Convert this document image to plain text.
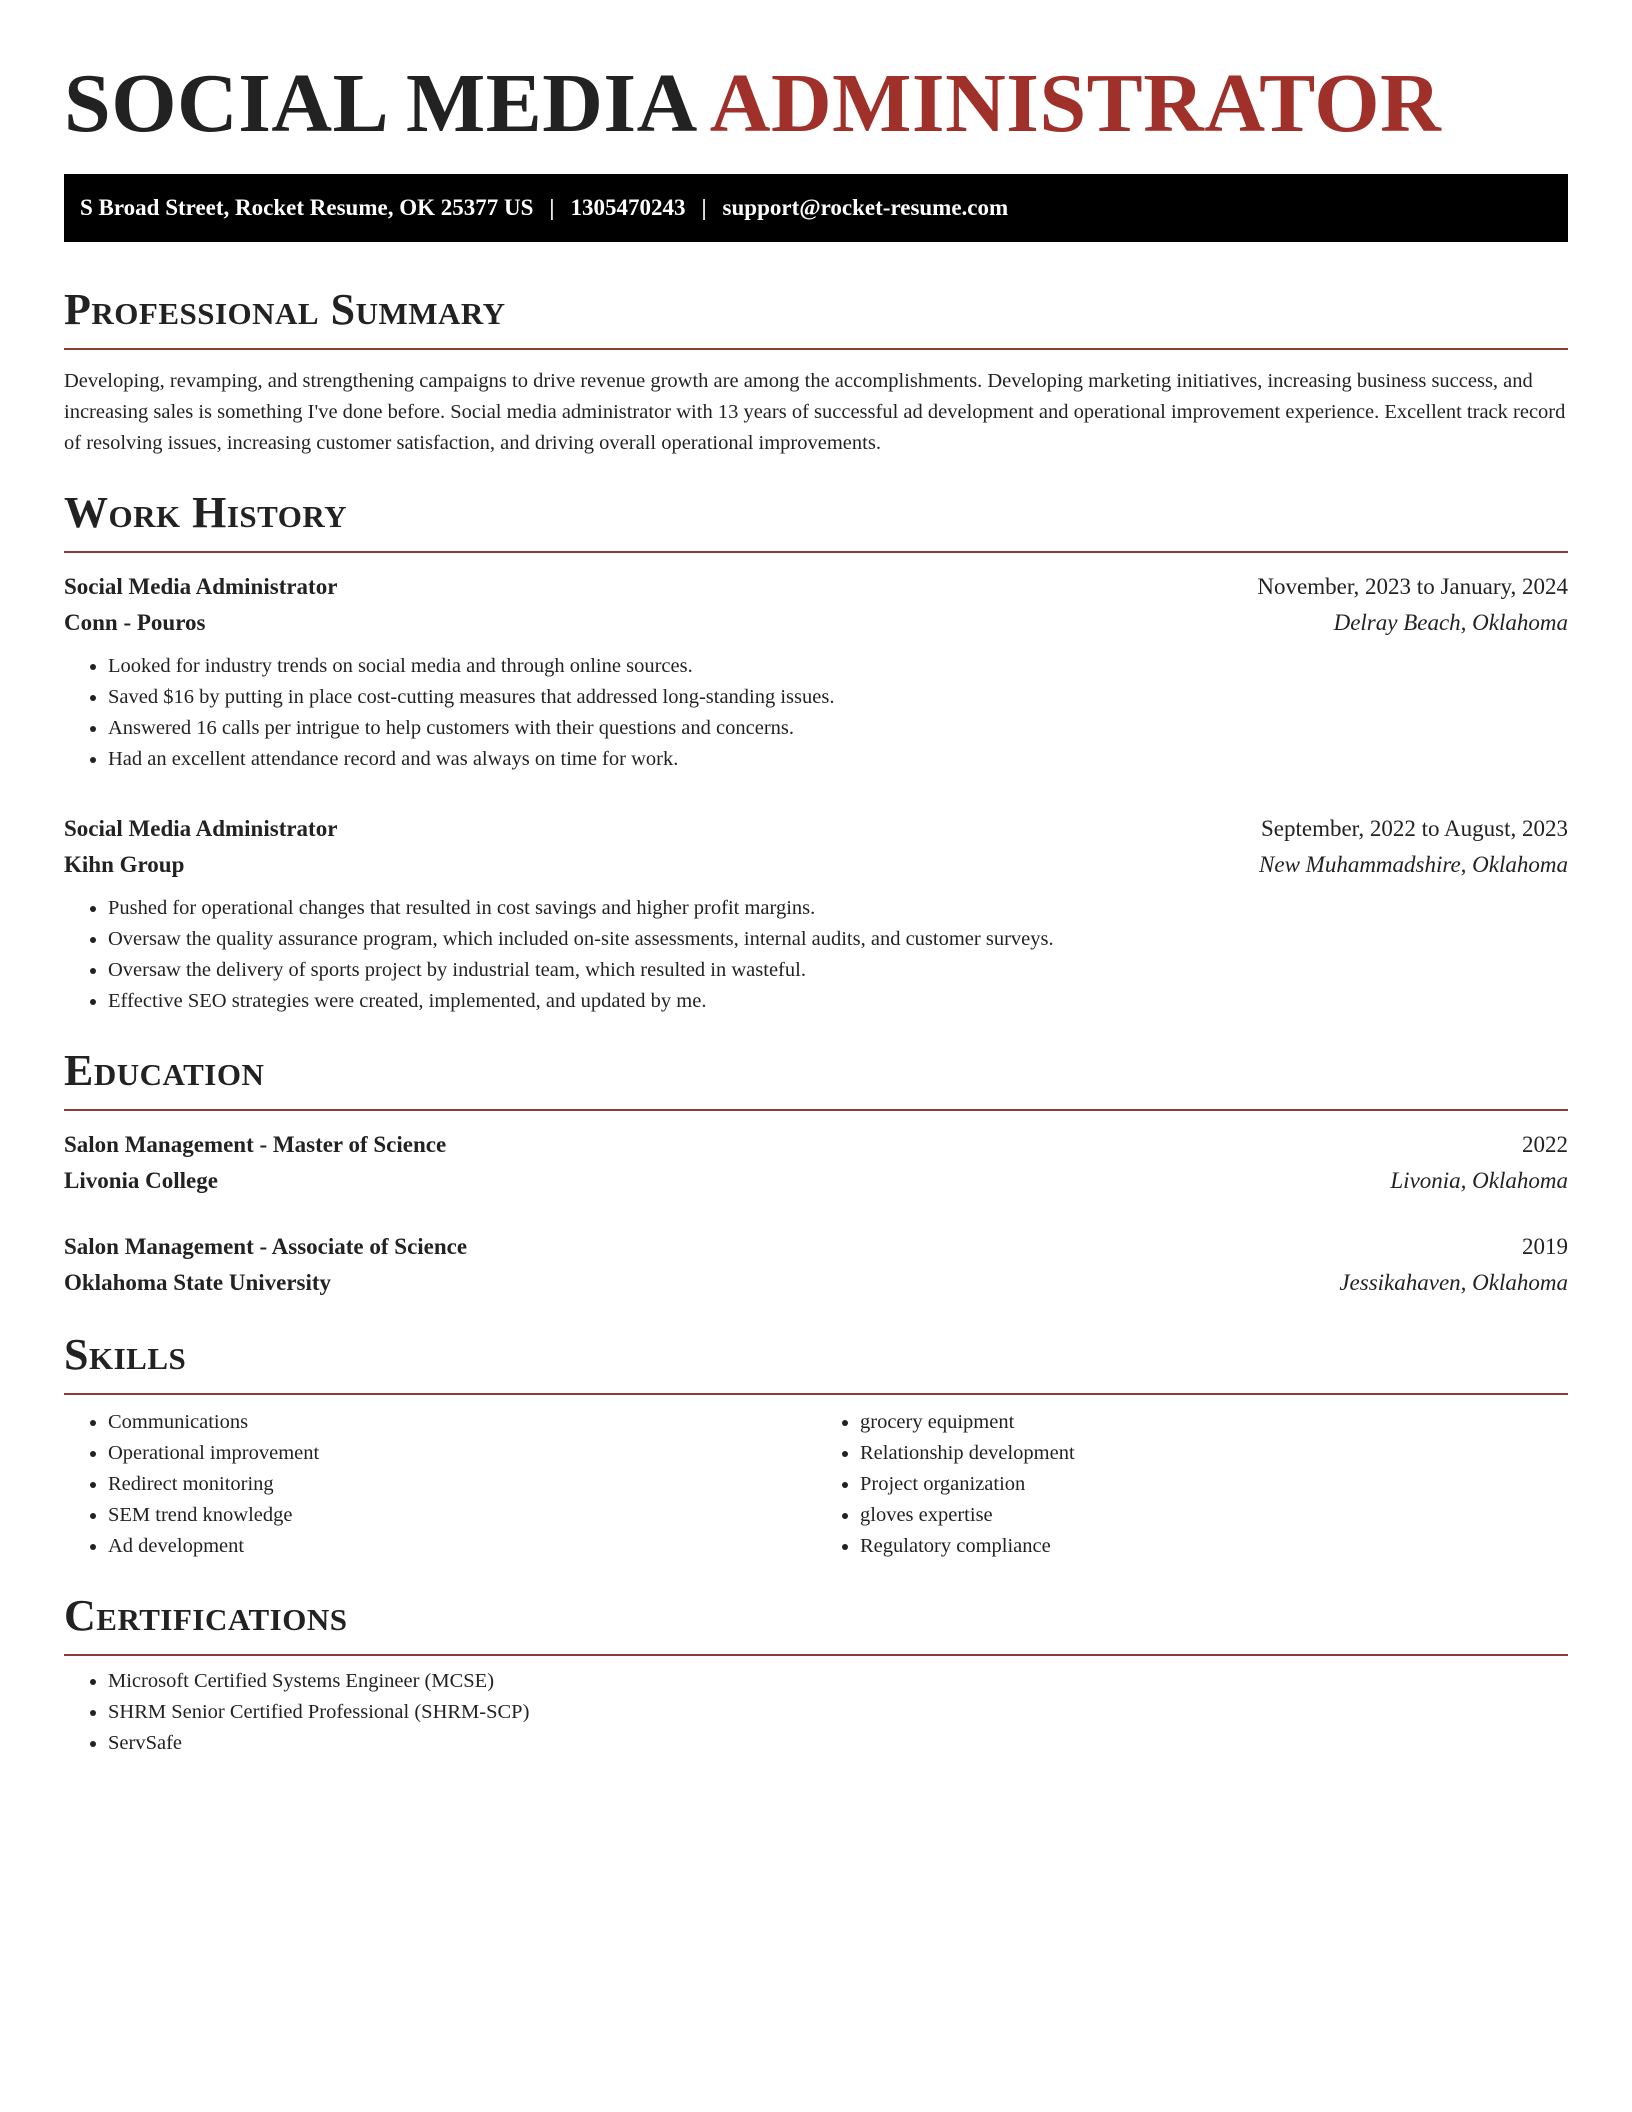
SOCIAL MEDIA ADMINISTRATOR
S Broad Street, Rocket Resume, OK 25377 US | 1305470243 | support@rocket-resume.com
Professional Summary

Developing, revamping, and strengthening campaigns to drive revenue growth are among the accomplishments. Developing marketing initiatives, increasing business success, and increasing sales is something I've done before. Social media administrator with 13 years of successful ad development and operational improvement experience. Excellent track record of resolving issues, increasing customer satisfaction, and driving overall operational improvements.

Work History
Social Media Administrator	November, 2023 to January, 2024
Conn - Pouros	Delray Beach, Oklahoma
• Looked for industry trends on social media and through online sources.
• Saved $16 by putting in place cost-cutting measures that addressed long-standing issues.
• Answered 16 calls per intrigue to help customers with their questions and concerns.
• Had an excellent attendance record and was always on time for work.
Social Media Administrator	September, 2022 to August, 2023
Kihn Group	New Muhammadshire, Oklahoma
• Pushed for operational changes that resulted in cost savings and higher profit margins.
• Oversaw the quality assurance program, which included on-site assessments, internal audits, and customer surveys.
• Oversaw the delivery of sports project by industrial team, which resulted in wasteful.
• Effective SEO strategies were created, implemented, and updated by me.
Education
Salon Management - Master of Science	2022
Livonia College	Livonia, Oklahoma
Salon Management - Associate of Science	2019
Oklahoma State University	Jessikahaven, Oklahoma
Skills
• Communications
• Operational improvement
• Redirect monitoring
• SEM trend knowledge
• Ad development
• grocery equipment
• Relationship development
• Project organization
• gloves expertise
• Regulatory compliance
Certifications
• Microsoft Certified Systems Engineer (MCSE)
• SHRM Senior Certified Professional (SHRM-SCP)
• ServSafe
